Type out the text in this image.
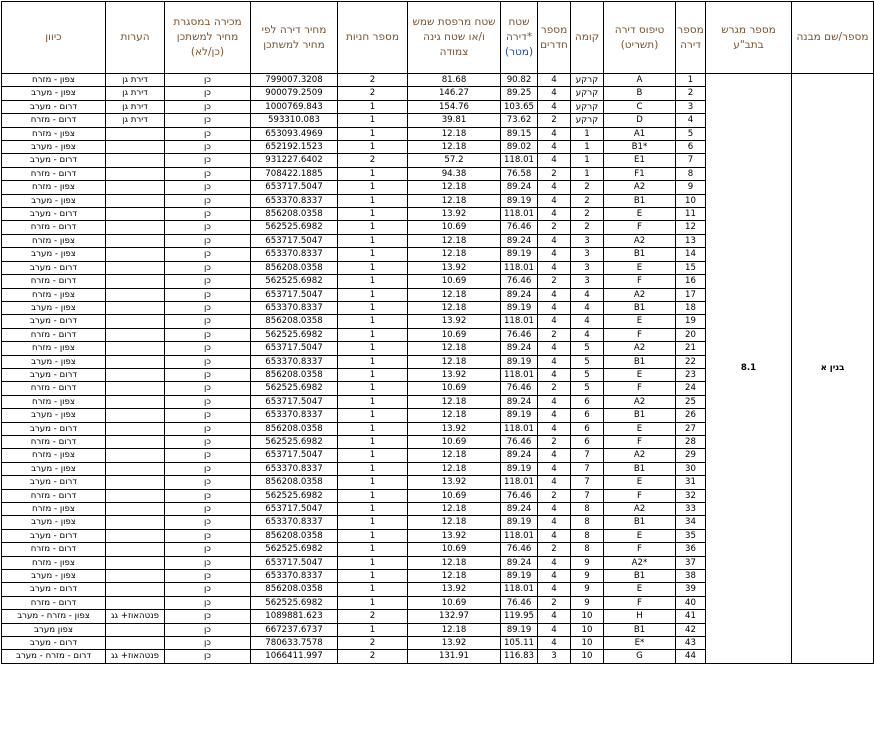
כיוון	הערות	מכירה במסגרת מחיר למשתכן (כן/לא)	מחיר דירה לפי מחיר למשתכן	מספר חניות	שטח מרפסת שמש ו/או שטח גינה צמודה	שטח דירה*
(מטר)	מספר חדרים	קומה	טיפוס דירה (תשריט)	מספר דירה	מספר מגרש בתב"ע	מספר/שם מבנה
צפון - מזרח	דירת גן	כן	799007.3208	2	81.68	90.82	4	קרקע	A	1	8.1	בנין א
צפון - מערב	דירת גן	כן	900079.2509	2	146.27	89.25	4	קרקע	B	2		
דרום - מערב	דירת גן	כן	1000769.843	1	154.76	103.65	4	קרקע	C	3		
דרום - מזרח	דירת גן	כן	593310.083	1	39.81	73.62	2	קרקע	D	4		
צפון - מזרח		כן	653093.4969	1	12.18	89.15	4	1	A1	5		
צפון - מערב		כן	652192.1523	1	12.18	89.02	4	1	B1*	6		
דרום - מערב		כן	931227.6402	2	57.2	118.01	4	1	E1	7		
דרום - מזרח		כן	708422.1885	1	94.38	76.58	2	1	F1	8		
צפון - מזרח		כן	653717.5047	1	12.18	89.24	4	2	A2	9		
צפון - מערב		כן	653370.8337	1	12.18	89.19	4	2	B1	10		
דרום - מערב		כן	856208.0358	1	13.92	118.01	4	2	E	11		
דרום - מזרח		כן	562525.6982	1	10.69	76.46	2	2	F	12		
צפון - מזרח		כן	653717.5047	1	12.18	89.24	4	3	A2	13		
צפון - מערב		כן	653370.8337	1	12.18	89.19	4	3	B1	14		
דרום - מערב		כן	856208.0358	1	13.92	118.01	4	3	E	15		
דרום - מזרח		כן	562525.6982	1	10.69	76.46	2	3	F	16		
צפון - מזרח		כן	653717.5047	1	12.18	89.24	4	4	A2	17		
צפון - מערב		כן	653370.8337	1	12.18	89.19	4	4	B1	18		
דרום - מערב		כן	856208.0358	1	13.92	118.01	4	4	E	19		
דרום - מזרח		כן	562525.6982	1	10.69	76.46	2	4	F	20		
צפון - מזרח		כן	653717.5047	1	12.18	89.24	4	5	A2	21		
צפון - מערב		כן	653370.8337	1	12.18	89.19	4	5	B1	22		
דרום - מערב		כן	856208.0358	1	13.92	118.01	4	5	E	23		
דרום - מזרח		כן	562525.6982	1	10.69	76.46	2	5	F	24		
צפון - מזרח		כן	653717.5047	1	12.18	89.24	4	6	A2	25		
צפון - מערב		כן	653370.8337	1	12.18	89.19	4	6	B1	26		
דרום - מערב		כן	856208.0358	1	13.92	118.01	4	6	E	27		
דרום - מזרח		כן	562525.6982	1	10.69	76.46	2	6	F	28		
צפון - מזרח		כן	653717.5047	1	12.18	89.24	4	7	A2	29		
צפון - מערב		כן	653370.8337	1	12.18	89.19	4	7	B1	30		
דרום - מערב		כן	856208.0358	1	13.92	118.01	4	7	E	31		
דרום - מזרח		כן	562525.6982	1	10.69	76.46	2	7	F	32		
צפון - מזרח		כן	653717.5047	1	12.18	89.24	4	8	A2	33		
צפון - מערב		כן	653370.8337	1	12.18	89.19	4	8	B1	34		
דרום - מערב		כן	856208.0358	1	13.92	118.01	4	8	E	35		
דרום - מזרח		כן	562525.6982	1	10.69	76.46	2	8	F	36		
צפון - מזרח		כן	653717.5047	1	12.18	89.24	4	9	A2*	37		
צפון - מערב		כן	653370.8337	1	12.18	89.19	4	9	B1	38		
דרום - מערב		כן	856208.0358	1	13.92	118.01	4	9	E	39		
דרום - מזרח		כן	562525.6982	1	10.69	76.46	2	9	F	40		
צפון - מזרח - מערב	פנטהאוז+ גג	כן	1089881.623	2	132.97	119.95	4	10	H	41		
צפון מערב		כן	667237.6737	1	12.18	89.19	4	10	B1	42		
דרום - מערב		כן	780633.7578	2	13.92	105.11	4	10	E*	43		
דרום - מזרח - מערב	פנטהאוז+ גג	כן	1066411.997	2	131.91	116.83	3	10	G	44		
